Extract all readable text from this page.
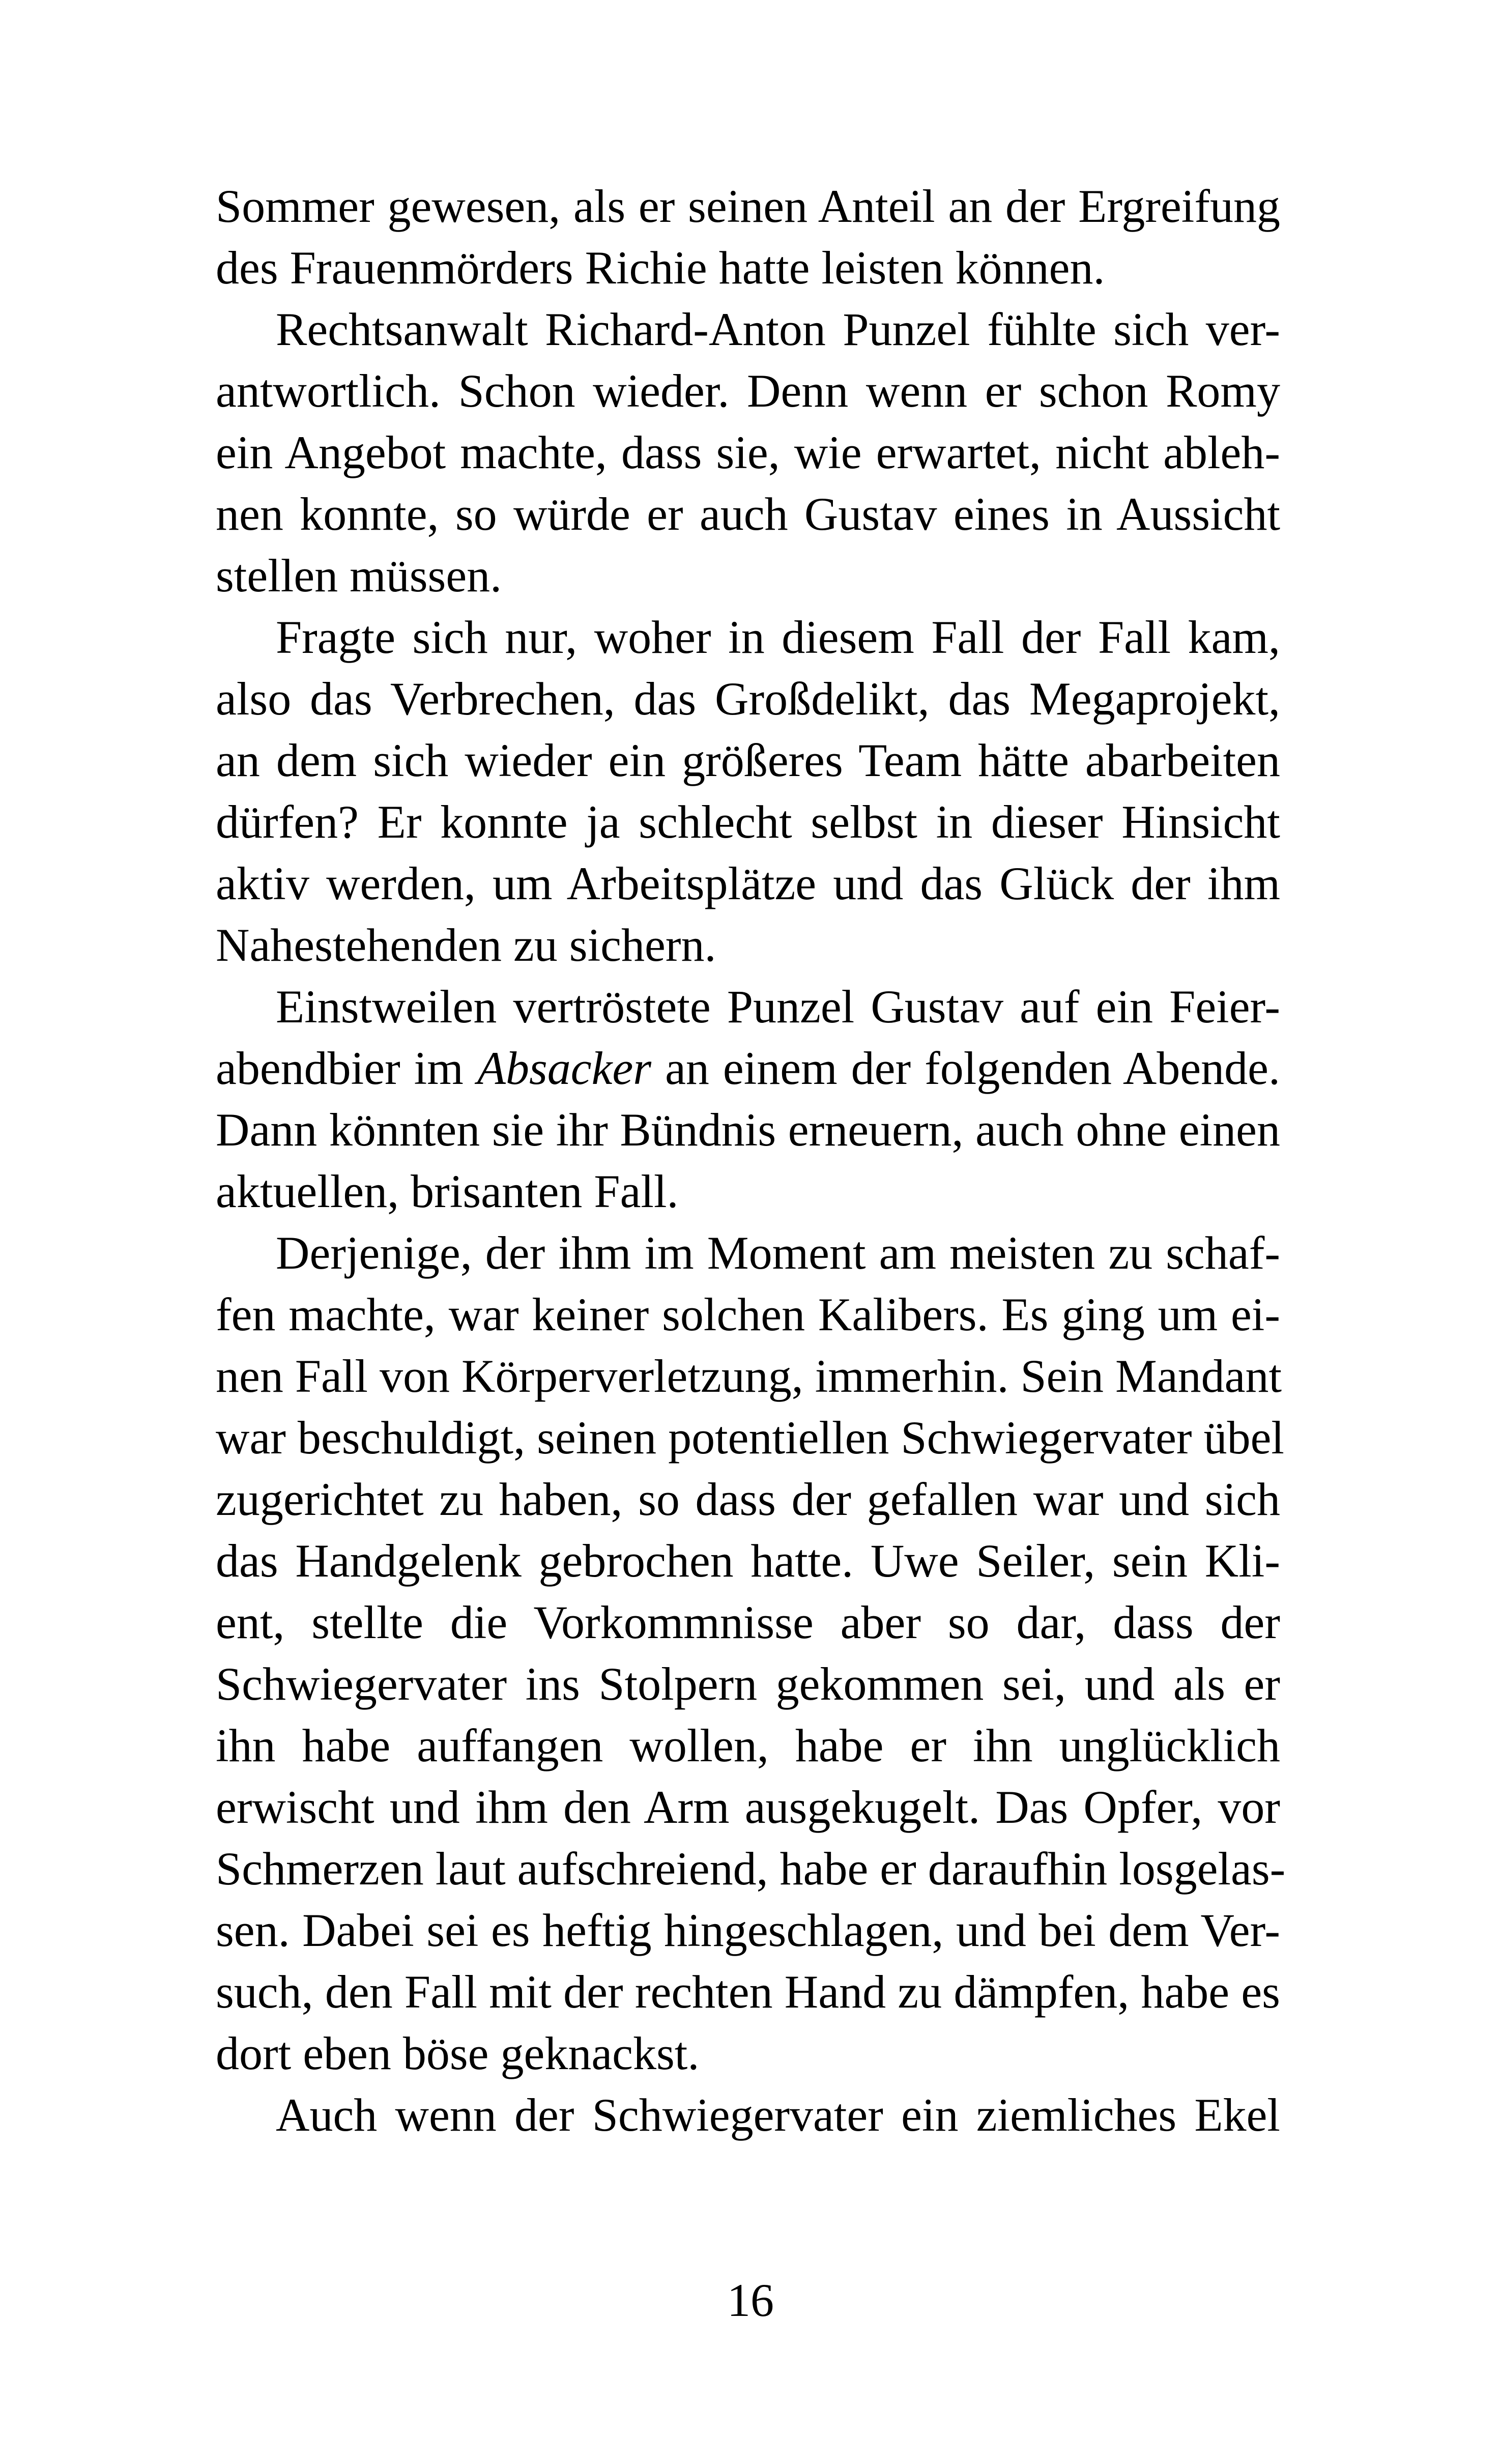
Sommer gewesen, als er seinen Anteil an der Ergreifung
des Frauenmörders Richie hatte leisten können.
Rechtsanwalt Richard-Anton Punzel fühlte sich ver-
antwortlich. Schon wieder. Denn wenn er schon Romy
ein Angebot machte, dass sie, wie erwartet, nicht ableh-
nen konnte, so würde er auch Gustav eines in Aussicht
stellen müssen.
Fragte sich nur, woher in diesem Fall der Fall kam,
also das Verbrechen, das Großdelikt, das Megaprojekt,
an dem sich wieder ein größeres Team hätte abarbeiten
dürfen? Er konnte ja schlecht selbst in dieser Hinsicht
aktiv werden, um Arbeitsplätze und das Glück der ihm
Nahestehenden zu sichern.
Einstweilen vertröstete Punzel Gustav auf ein Feier-
abendbier im Absacker an einem der folgenden Abende.
Dann könnten sie ihr Bündnis erneuern, auch ohne einen
aktuellen, brisanten Fall.
Derjenige, der ihm im Moment am meisten zu schaf-
fen machte, war keiner solchen Kalibers. Es ging um ei-
nen Fall von Körperverletzung, immerhin. Sein Mandant
war beschuldigt, seinen potentiellen Schwiegervater übel
zugerichtet zu haben, so dass der gefallen war und sich
das Handgelenk gebrochen hatte. Uwe Seiler, sein Kli-
ent, stellte die Vorkommnisse aber so dar, dass der
Schwiegervater ins Stolpern gekommen sei, und als er
ihn habe auffangen wollen, habe er ihn unglücklich
erwischt und ihm den Arm ausgekugelt. Das Opfer, vor
Schmerzen laut aufschreiend, habe er daraufhin losgelas-
sen. Dabei sei es heftig hingeschlagen, und bei dem Ver-
such, den Fall mit der rechten Hand zu dämpfen, habe es
dort eben böse geknackst.
Auch wenn der Schwiegervater ein ziemliches Ekel
16
